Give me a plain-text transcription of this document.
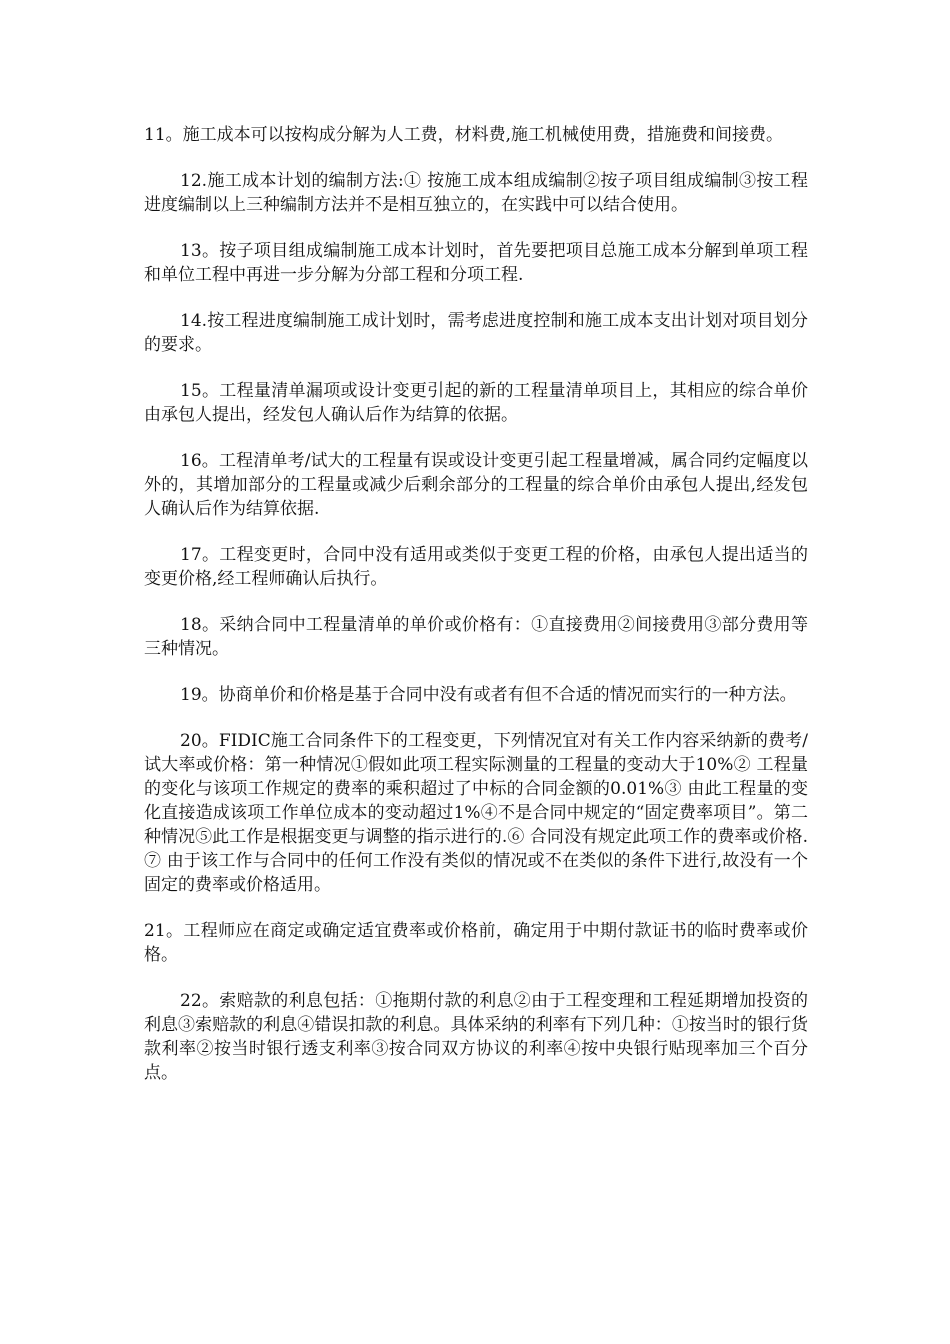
11。施工成本可以按构成分解为人工费，材料费,施工机械使用费，措施费和间接费。

12.施工成本计划的编制方法:① 按施工成本组成编制②按子项目组成编制③按工程进度编制以上三种编制方法并不是相互独立的，在实践中可以结合使用。

13。按子项目组成编制施工成本计划时，首先要把项目总施工成本分解到单项工程和单位工程中再进一步分解为分部工程和分项工程.

14.按工程进度编制施工成计划时，需考虑进度控制和施工成本支出计划对项目划分的要求。

15。工程量清单漏项或设计变更引起的新的工程量清单项目上，其相应的综合单价由承包人提出，经发包人确认后作为结算的依据。

16。工程清单考/试大的工程量有误或设计变更引起工程量增减，属合同约定幅度以外的，其增加部分的工程量或减少后剩余部分的工程量的综合单价由承包人提出,经发包人确认后作为结算依据.

17。工程变更时，合同中没有适用或类似于变更工程的价格，由承包人提出适当的变更价格,经工程师确认后执行。

18。采纳合同中工程量清单的单价或价格有：①直接费用②间接费用③部分费用等三种情况。

19。协商单价和价格是基于合同中没有或者有但不合适的情况而实行的一种方法。

20。FIDIC施工合同条件下的工程变更，下列情况宜对有关工作内容采纳新的费考/试大率或价格：第一种情况①假如此项工程实际测量的工程量的变动大于10%② 工程量的变化与该项工作规定的费率的乘积超过了中标的合同金额的0.01%③ 由此工程量的变化直接造成该项工作单位成本的变动超过1%④不是合同中规定的“固定费率项目”。第二种情况⑤此工作是根据变更与调整的指示进行的.⑥ 合同没有规定此项工作的费率或价格.⑦ 由于该工作与合同中的任何工作没有类似的情况或不在类似的条件下进行,故没有一个固定的费率或价格适用。

21。工程师应在商定或确定适宜费率或价格前，确定用于中期付款证书的临时费率或价格。

22。索赔款的利息包括：①拖期付款的利息②由于工程变理和工程延期增加投资的利息③索赔款的利息④错误扣款的利息。具体采纳的利率有下列几种：①按当时的银行货款利率②按当时银行透支利率③按合同双方协议的利率④按中央银行贴现率加三个百分点。
